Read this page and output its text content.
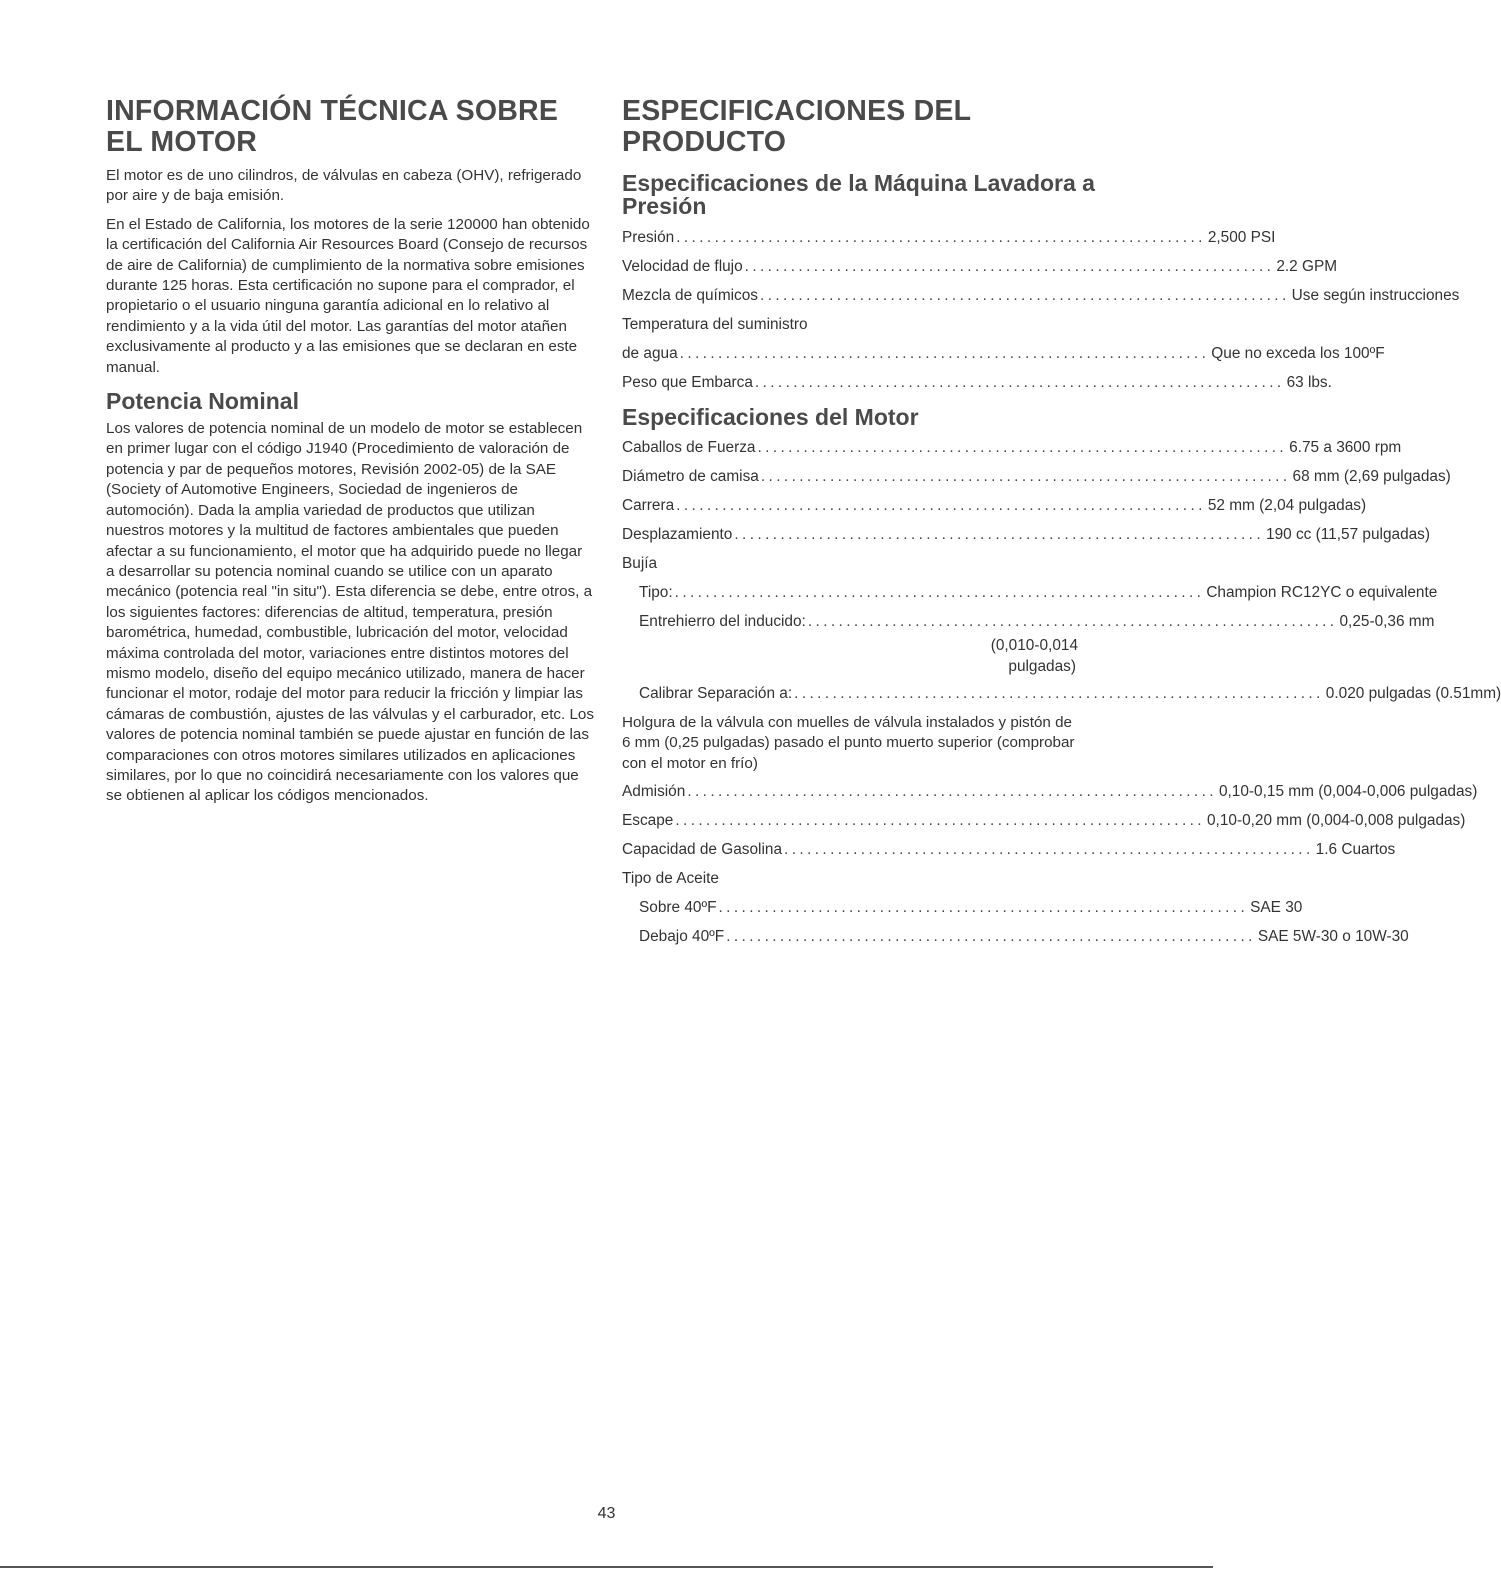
INFORMACIÓN TÉCNICA SOBRE EL MOTOR

El motor es de uno cilindros, de válvulas en cabeza (OHV), refrigerado por aire y de baja emisión.

En el Estado de California, los motores de la serie 120000 han obtenido la certificación del California Air Resources Board (Consejo de recursos de aire de California) de cumplimiento de la normativa sobre emisiones durante 125 horas. Esta certificación no supone para el comprador, el propietario o el usuario ninguna garantía adicional en lo relativo al rendimiento y a la vida útil del motor. Las garantías del motor atañen exclusivamente al producto y a las emisiones que se declaran en este manual.

Potencia Nominal

Los valores de potencia nominal de un modelo de motor se establecen en primer lugar con el código J1940 (Procedimiento de valoración de potencia y par de pequeños motores, Revisión 2002-05) de la SAE (Society of Automotive Engineers, Sociedad de ingenieros de automoción). Dada la amplia variedad de productos que utilizan nuestros motores y la multitud de factores ambientales que pueden afectar a su funcionamiento, el motor que ha adquirido puede no llegar a desarrollar su potencia nominal cuando se utilice con un aparato mecánico (potencia real "in situ"). Esta diferencia se debe, entre otros, a los siguientes factores: diferencias de altitud, temperatura, presión barométrica, humedad, combustible, lubricación del motor, velocidad máxima controlada del motor, variaciones entre distintos motores del mismo modelo, diseño del equipo mecánico utilizado, manera de hacer funcionar el motor, rodaje del motor para reducir la fricción y limpiar las cámaras de combustión, ajustes de las válvulas y el carburador, etc. Los valores de potencia nominal también se puede ajustar en función de las comparaciones con otros motores similares utilizados en aplicaciones similares, por lo que no coincidirá necesariamente con los valores que se obtienen al aplicar los códigos mencionados.

ESPECIFICACIONES DEL PRODUCTO
Especificaciones de la Máquina Lavadora a Presión
Presión ..................................................................... 2,500 PSI
Velocidad de flujo ..................................................................... 2.2 GPM
Mezcla de químicos ..................................................................... Use según instrucciones
Temperatura del suministro
de agua ..................................................................... Que no exceda los 100ºF
Peso que Embarca ..................................................................... 63 lbs.
Especificaciones del Motor
Caballos de Fuerza ..................................................................... 6.75 a 3600 rpm
Diámetro de camisa ..................................................................... 68 mm (2,69 pulgadas)
Carrera ..................................................................... 52 mm (2,04 pulgadas)
Desplazamiento ..................................................................... 190 cc (11,57 pulgadas)
Bujía
Tipo: ..................................................................... Champion RC12YC o equivalente
Entrehierro del inducido: ..................................................................... 0,25-0,36 mm
(0,010-0,014
pulgadas)
Calibrar Separación a: ..................................................................... 0.020 pulgadas (0.51mm)

Holgura de la válvula con muelles de válvula instalados y pistón de 6 mm (0,25 pulgadas) pasado el punto muerto superior (comprobar con el motor en frío)

Admisión ..................................................................... 0,10-0,15 mm (0,004-0,006 pulgadas)
Escape ..................................................................... 0,10-0,20 mm (0,004-0,008 pulgadas)
Capacidad de Gasolina ..................................................................... 1.6 Cuartos
Tipo de Aceite
Sobre 40ºF ..................................................................... SAE 30
Debajo 40ºF ..................................................................... SAE 5W-30 o 10W-30
43
